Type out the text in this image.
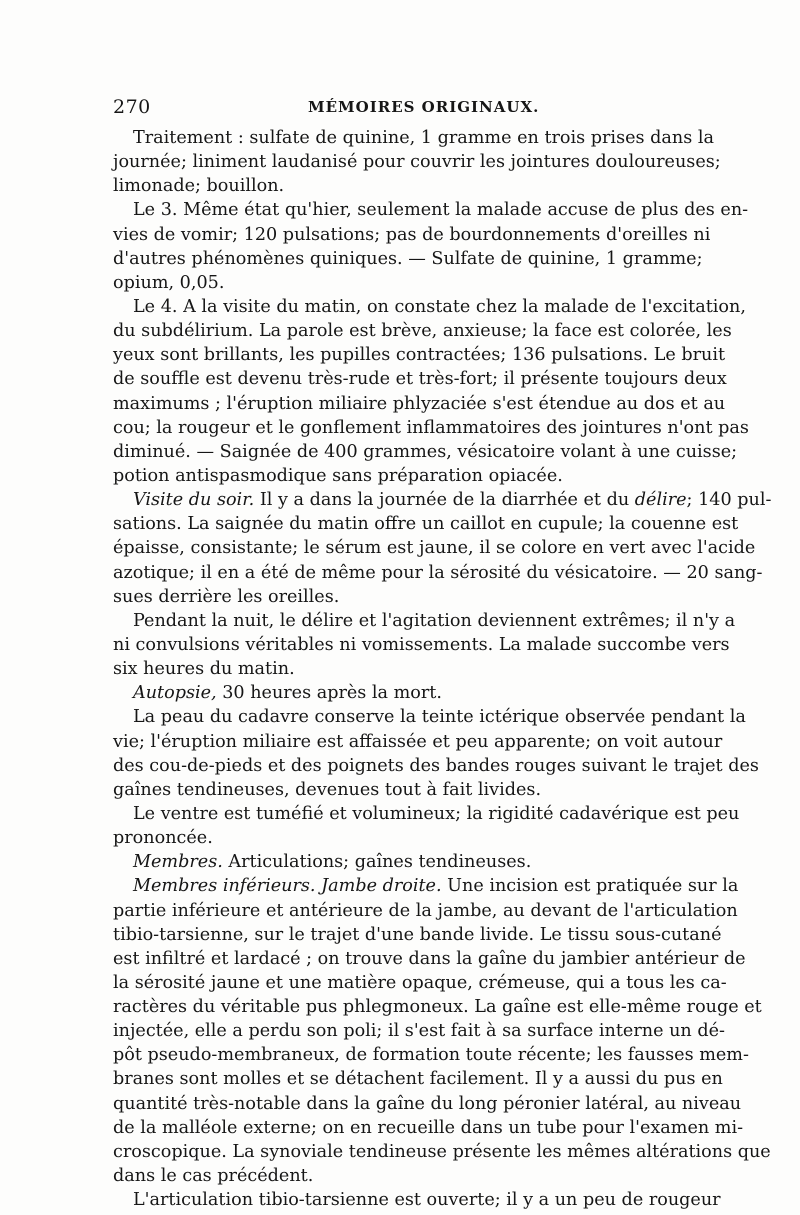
270	MÉMOIRES ORIGINAUX.
Traitement : sulfate de quinine, 1 gramme en trois prises dans la
journée; liniment laudanisé pour couvrir les jointures douloureuses;
limonade; bouillon.
Le 3. Même état qu'hier, seulement la malade accuse de plus des en-
vies de vomir; 120 pulsations; pas de bourdonnements d'oreilles ni
d'autres phénomènes quiniques. — Sulfate de quinine, 1 gramme;
opium, 0,05.
Le 4. A la visite du matin, on constate chez la malade de l'excitation,
du subdélirium. La parole est brève, anxieuse; la face est colorée, les
yeux sont brillants, les pupilles contractées; 136 pulsations. Le bruit
de souffle est devenu très-rude et très-fort; il présente toujours deux
maximums ; l'éruption miliaire phlyzaciée s'est étendue au dos et au
cou; la rougeur et le gonflement inflammatoires des jointures n'ont pas
diminué. — Saignée de 400 grammes, vésicatoire volant à une cuisse;
potion antispasmodique sans préparation opiacée.
Visite du soir. Il y a dans la journée de la diarrhée et du délire; 140 pul-
sations. La saignée du matin offre un caillot en cupule; la couenne est
épaisse, consistante; le sérum est jaune, il se colore en vert avec l'acide
azotique; il en a été de même pour la sérosité du vésicatoire. — 20 sang-
sues derrière les oreilles.
Pendant la nuit, le délire et l'agitation deviennent extrêmes; il n'y a
ni convulsions véritables ni vomissements. La malade succombe vers
six heures du matin.
Autopsie, 30 heures après la mort.
La peau du cadavre conserve la teinte ictérique observée pendant la
vie; l'éruption miliaire est affaissée et peu apparente; on voit autour
des cou-de-pieds et des poignets des bandes rouges suivant le trajet des
gaînes tendineuses, devenues tout à fait livides.
Le ventre est tuméfié et volumineux; la rigidité cadavérique est peu
prononcée.
Membres. Articulations; gaînes tendineuses.
Membres inférieurs. Jambe droite. Une incision est pratiquée sur la
partie inférieure et antérieure de la jambe, au devant de l'articulation
tibio-tarsienne, sur le trajet d'une bande livide. Le tissu sous-cutané
est infiltré et lardacé ; on trouve dans la gaîne du jambier antérieur de
la sérosité jaune et une matière opaque, crémeuse, qui a tous les ca-
ractères du véritable pus phlegmoneux. La gaîne est elle-même rouge et
injectée, elle a perdu son poli; il s'est fait à sa surface interne un dé-
pôt pseudo-membraneux, de formation toute récente; les fausses mem-
branes sont molles et se détachent facilement. Il y a aussi du pus en
quantité très-notable dans la gaîne du long péronier latéral, au niveau
de la malléole externe; on en recueille dans un tube pour l'examen mi-
croscopique. La synoviale tendineuse présente les mêmes altérations que
dans le cas précédent.
L'articulation tibio-tarsienne est ouverte; il y a un peu de rougeur
